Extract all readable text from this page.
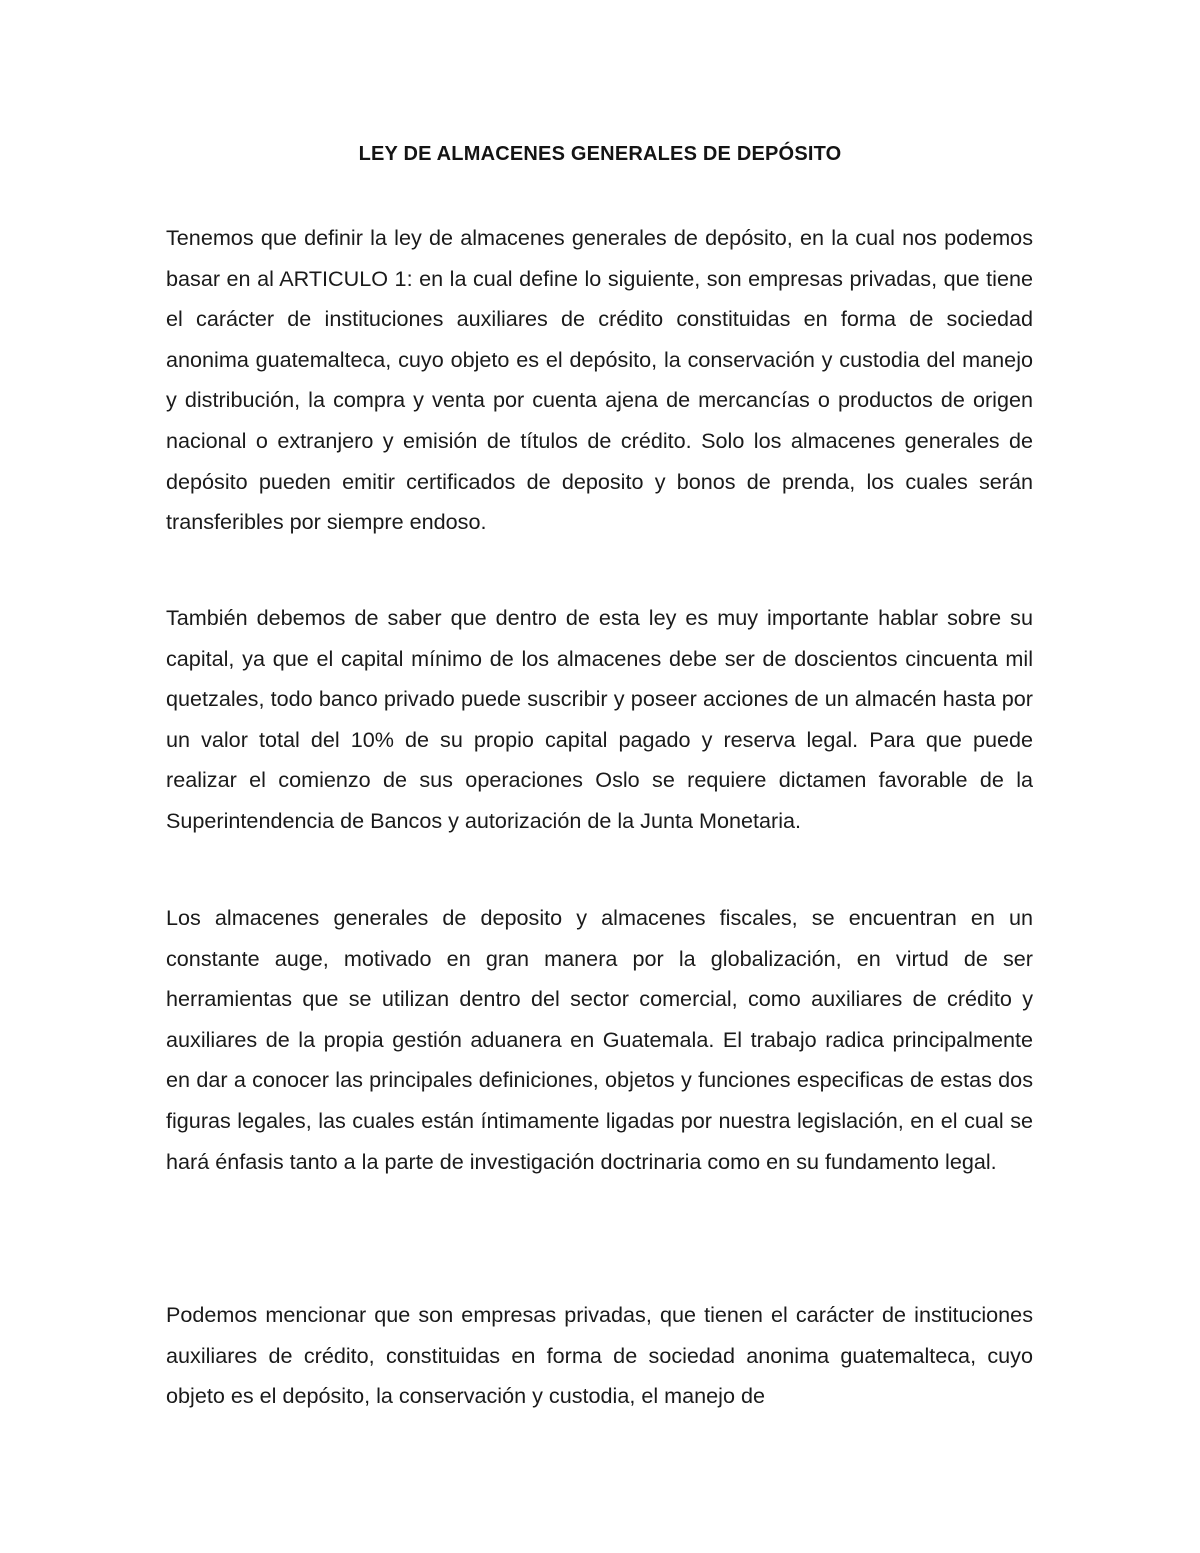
LEY DE ALMACENES GENERALES DE DEPÓSITO

Tenemos que definir la ley de almacenes generales de depósito, en la cual nos podemos basar en al ARTICULO 1: en la cual define lo siguiente, son empresas privadas, que tiene el carácter de instituciones auxiliares de crédito constituidas en forma de sociedad anonima guatemalteca, cuyo objeto es el depósito, la conservación y custodia del manejo y distribución, la compra y venta por cuenta ajena de mercancías o productos de origen nacional o extranjero y emisión de títulos de crédito. Solo los almacenes generales de depósito pueden emitir certificados de deposito y bonos de prenda, los cuales serán transferibles por siempre endoso.

También debemos de saber que dentro de esta ley es muy importante hablar sobre su capital, ya que el capital mínimo de los almacenes debe ser de doscientos cincuenta mil quetzales, todo banco privado puede suscribir y poseer acciones de un almacén hasta por un valor total del 10% de su propio capital pagado y reserva legal. Para que puede realizar el comienzo de sus operaciones Oslo se requiere dictamen favorable de la Superintendencia de Bancos y autorización de la Junta Monetaria.

Los almacenes generales de deposito y almacenes fiscales, se encuentran en un constante auge, motivado en gran manera por la globalización, en virtud de ser herramientas que se utilizan dentro del sector comercial, como auxiliares de crédito y auxiliares de la propia gestión aduanera en Guatemala. El trabajo radica principalmente en dar a conocer las principales definiciones, objetos y funciones especificas de estas dos figuras legales, las cuales están íntimamente ligadas por nuestra legislación, en el cual se hará énfasis tanto a la parte de investigación doctrinaria como en su fundamento legal.

Podemos mencionar que son empresas privadas, que tienen el carácter de instituciones auxiliares de crédito, constituidas en forma de sociedad anonima guatemalteca, cuyo objeto es el depósito, la conservación y custodia, el manejo de
